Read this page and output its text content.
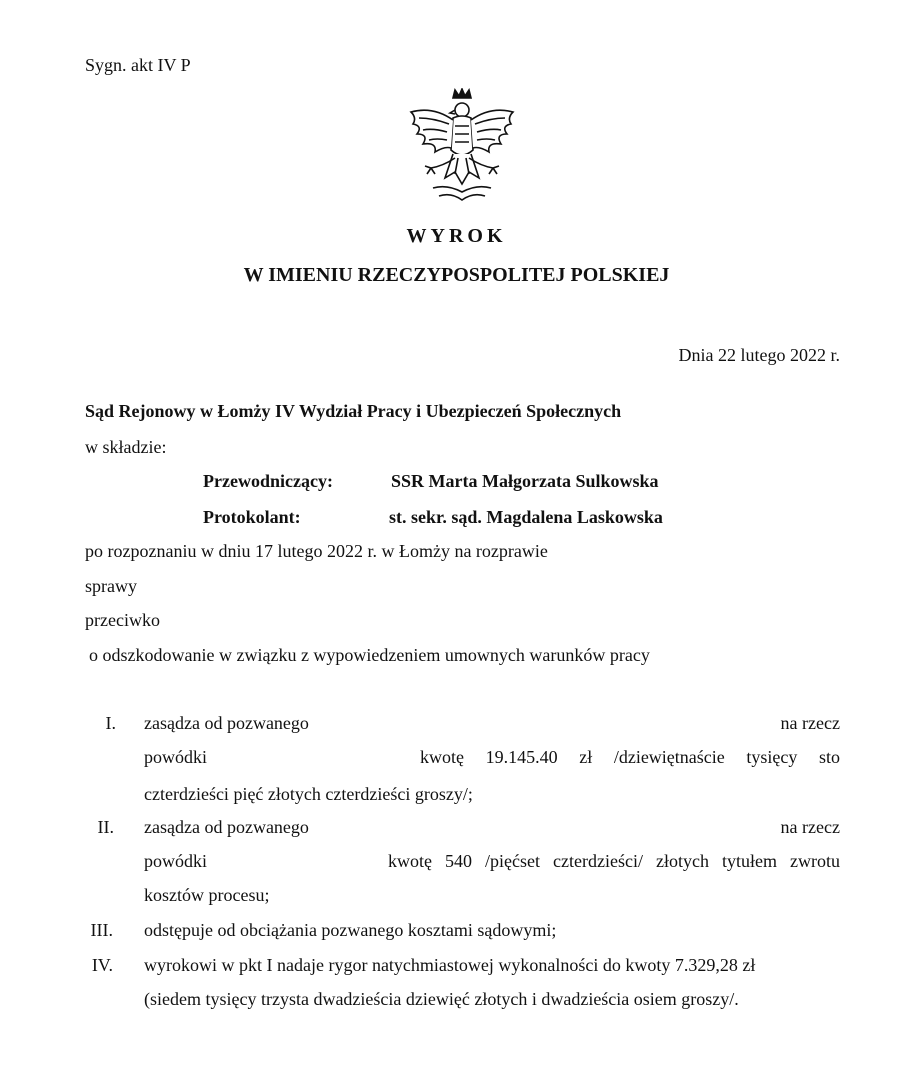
Sygn. akt IV P
WYROK
W IMIENIU RZECZYPOSPOLITEJ POLSKIEJ
Dnia 22 lutego 2022 r.
Sąd Rejonowy w Łomży IV Wydział Pracy i Ubezpieczeń Społecznych
w składzie:
Przewodniczący:	SSR Marta Małgorzata Sulkowska
Protokolant:	st. sekr. sąd. Magdalena Laskowska
po rozpoznaniu w dniu 17 lutego 2022 r. w Łomży na rozprawie
sprawy
przeciwko
o odszkodowanie w związku z wypowiedzeniem umownych warunków pracy
I. zasądza od pozwanego	na rzecz
powódki	kwotę 19.145.40 zł /dziewiętnaście tysięcy sto
czterdzieści pięć złotych czterdzieści groszy/;
II. zasądza od pozwanego	na rzecz
powódki	kwotę 540 /pięćset czterdzieści/ złotych tytułem zwrotu
kosztów procesu;
III. odstępuje od obciążania pozwanego kosztami sądowymi;
IV. wyrokowi w pkt I nadaje rygor natychmiastowej wykonalności do kwoty 7.329,28 zł
(siedem tysięcy trzysta dwadzieścia dziewięć złotych i dwadzieścia osiem groszy/.
